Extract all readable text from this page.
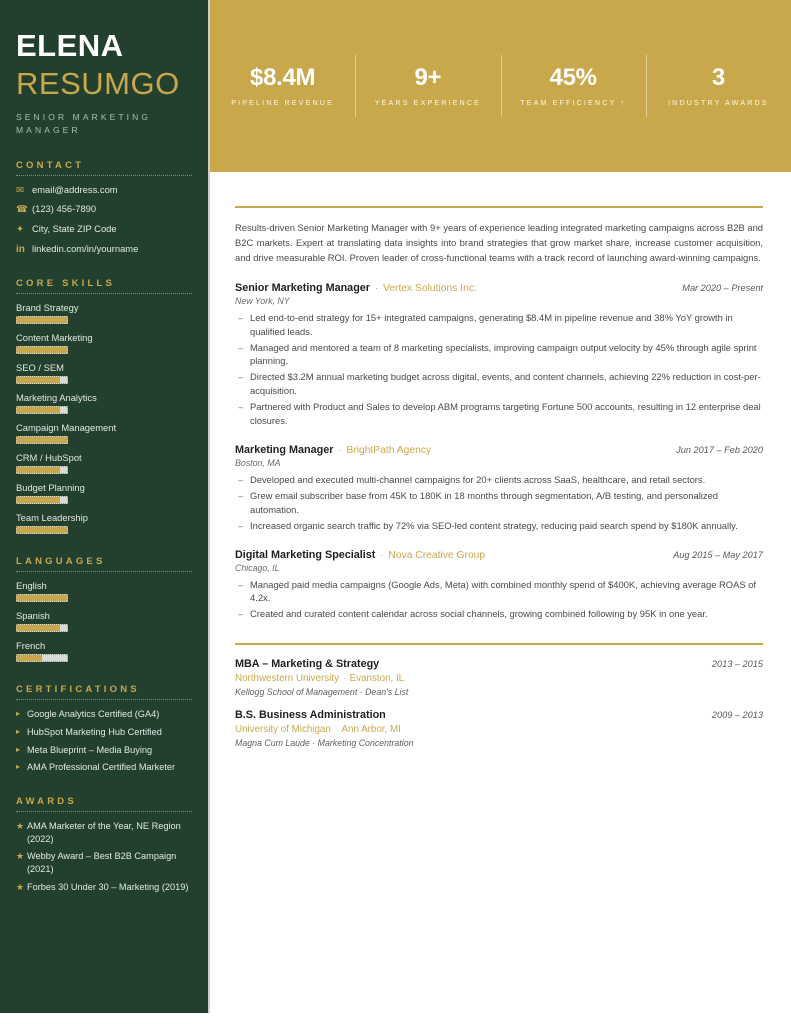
ELENA
RESUMGO
SENIOR MARKETING MANAGER
CONTACT
✉ email@address.com
☎ (123) 456-7890
✦ City, State ZIP Code
in linkedin.com/in/yourname
CORE SKILLS
Brand Strategy
Content Marketing
SEO / SEM
Marketing Analytics
Campaign Management
CRM / HubSpot
Budget Planning
Team Leadership
LANGUAGES
English
Spanish
French
CERTIFICATIONS
▸ Google Analytics Certified (GA4)
▸ HubSpot Marketing Hub Certified
▸ Meta Blueprint – Media Buying
▸ AMA Professional Certified Marketer
AWARDS
★ AMA Marketer of the Year, NE Region (2022)
★ Webby Award – Best B2B Campaign (2021)
★ Forbes 30 Under 30 – Marketing (2019)
$8.4M
PIPELINE REVENUE
9+
YEARS EXPERIENCE
45%
TEAM EFFICIENCY ↑
3
INDUSTRY AWARDS

Results-driven Senior Marketing Manager with 9+ years of experience leading integrated marketing campaigns across B2B and B2C markets. Expert at translating data insights into brand strategies that grow market share, increase customer acquisition, and drive measurable ROI. Proven leader of cross-functional teams with a track record of launching award-winning campaigns.

Senior Marketing Manager · Vertex Solutions Inc.	Mar 2020 – Present
New York, NY
– Led end-to-end strategy for 15+ integrated campaigns, generating $8.4M in pipeline revenue and 38% YoY growth in qualified leads.
– Managed and mentored a team of 8 marketing specialists, improving campaign output velocity by 45% through agile sprint planning.
– Directed $3.2M annual marketing budget across digital, events, and content channels, achieving 22% reduction in cost-per-acquisition.
– Partnered with Product and Sales to develop ABM programs targeting Fortune 500 accounts, resulting in 12 enterprise deal closures.
Marketing Manager · BrightPath Agency	Jun 2017 – Feb 2020
Boston, MA
– Developed and executed multi-channel campaigns for 20+ clients across SaaS, healthcare, and retail sectors.
– Grew email subscriber base from 45K to 180K in 18 months through segmentation, A/B testing, and personalized automation.
– Increased organic search traffic by 72% via SEO-led content strategy, reducing paid search spend by $180K annually.
Digital Marketing Specialist · Nova Creative Group	Aug 2015 – May 2017
Chicago, IL
– Managed paid media campaigns (Google Ads, Meta) with combined monthly spend of $400K, achieving average ROAS of 4.2x.
– Created and curated content calendar across social channels, growing combined following by 95K in one year.
MBA – Marketing & Strategy	2013 – 2015
Northwestern University · Evanston, IL
Kellogg School of Management · Dean's List
B.S. Business Administration	2009 – 2013
University of Michigan · Ann Arbor, MI
Magna Cum Laude · Marketing Concentration
